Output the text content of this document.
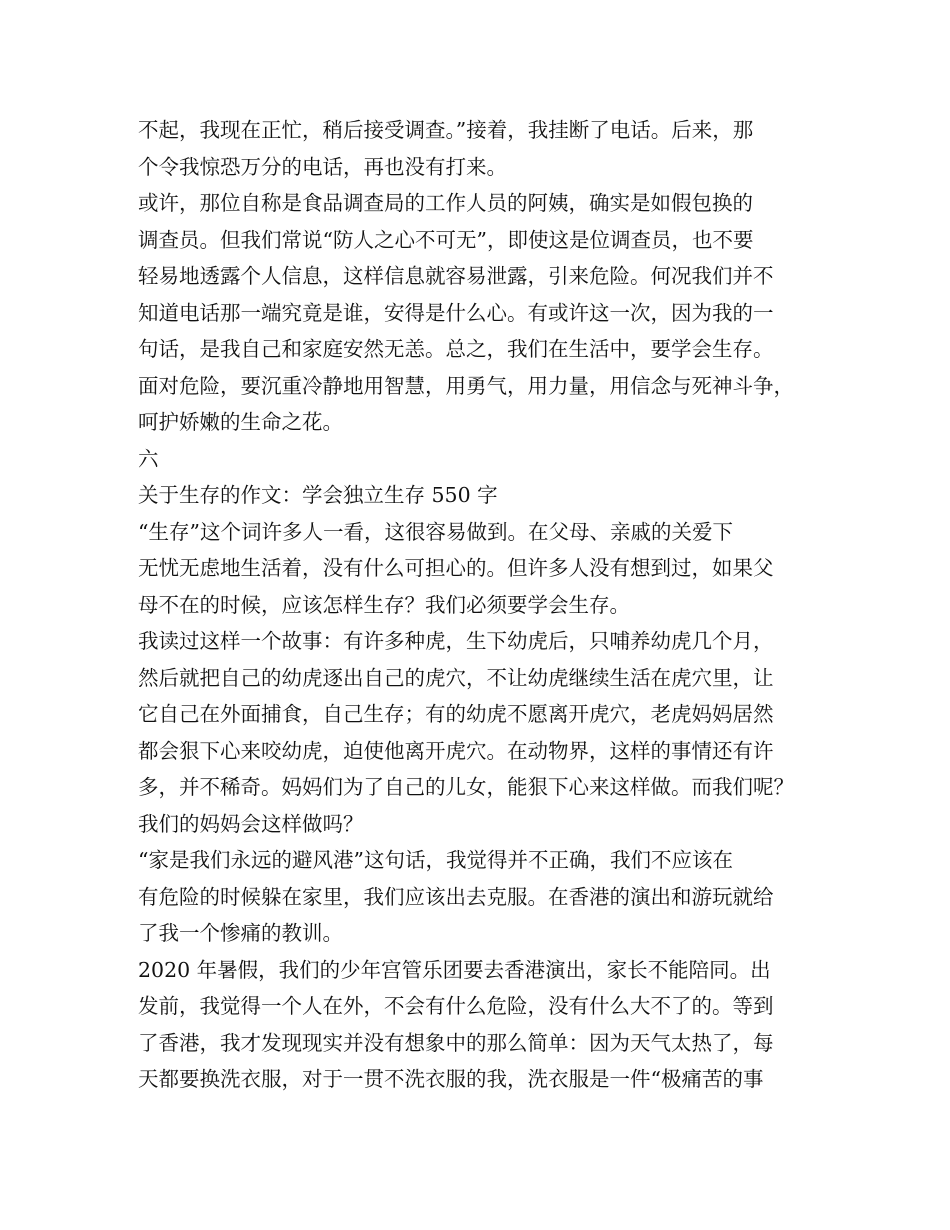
不起，我现在正忙，稍后接受调查。”接着，我挂断了电话。后来，那
个令我惊恐万分的电话，再也没有打来。
或许，那位自称是食品调查局的工作人员的阿姨，确实是如假包换的
调查员。但我们常说“防人之心不可无”，即使这是位调查员，也不要
轻易地透露个人信息，这样信息就容易泄露，引来危险。何况我们并不
知道电话那一端究竟是谁，安得是什么心。有或许这一次，因为我的一
句话，是我自己和家庭安然无恙。总之，我们在生活中，要学会生存。
面对危险，要沉重冷静地用智慧，用勇气，用力量，用信念与死神斗争，
呵护娇嫩的生命之花。
六
关于生存的作文：学会独立生存 550 字
“生存”这个词许多人一看，这很容易做到。在父母、亲戚的关爱下
无忧无虑地生活着，没有什么可担心的。但许多人没有想到过，如果父
母不在的时候，应该怎样生存？我们必须要学会生存。
我读过这样一个故事：有许多种虎，生下幼虎后，只哺养幼虎几个月，
然后就把自己的幼虎逐出自己的虎穴，不让幼虎继续生活在虎穴里，让
它自己在外面捕食，自己生存；有的幼虎不愿离开虎穴，老虎妈妈居然
都会狠下心来咬幼虎，迫使他离开虎穴。在动物界，这样的事情还有许
多，并不稀奇。妈妈们为了自己的儿女，能狠下心来这样做。而我们呢？
我们的妈妈会这样做吗？
“家是我们永远的避风港”这句话，我觉得并不正确，我们不应该在
有危险的时候躲在家里，我们应该出去克服。在香港的演出和游玩就给
了我一个惨痛的教训。
2020 年暑假，我们的少年宫管乐团要去香港演出，家长不能陪同。出
发前，我觉得一个人在外，不会有什么危险，没有什么大不了的。等到
了香港，我才发现现实并没有想象中的那么简单：因为天气太热了，每
天都要换洗衣服，对于一贯不洗衣服的我，洗衣服是一件“极痛苦的事
